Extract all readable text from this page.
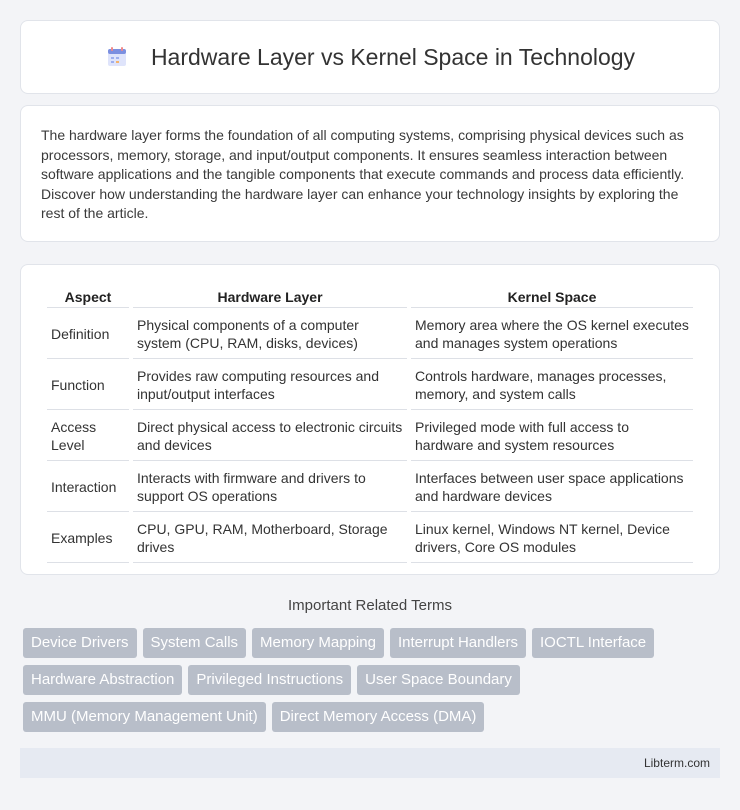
Hardware Layer vs Kernel Space in Technology

The hardware layer forms the foundation of all computing systems, comprising physical devices such as processors, memory, storage, and input/output components. It ensures seamless interaction between software applications and the tangible components that execute commands and process data efficiently. Discover how understanding the hardware layer can enhance your technology insights by exploring the rest of the article.

Aspect	Hardware Layer	Kernel Space
Definition	Physical components of a computer system (CPU, RAM, disks, devices)	Memory area where the OS kernel executes and manages system operations
Function	Provides raw computing resources and input/output interfaces	Controls hardware, manages processes, memory, and system calls
Access Level	Direct physical access to electronic circuits and devices	Privileged mode with full access to hardware and system resources
Interaction	Interacts with firmware and drivers to support OS operations	Interfaces between user space applications and hardware devices
Examples	CPU, GPU, RAM, Motherboard, Storage drives	Linux kernel, Windows NT kernel, Device drivers, Core OS modules
Important Related Terms
Device Drivers	System Calls	Memory Mapping	Interrupt Handlers	IOCTL Interface
Hardware Abstraction	Privileged Instructions	User Space Boundary
MMU (Memory Management Unit)	Direct Memory Access (DMA)
Libterm.com
